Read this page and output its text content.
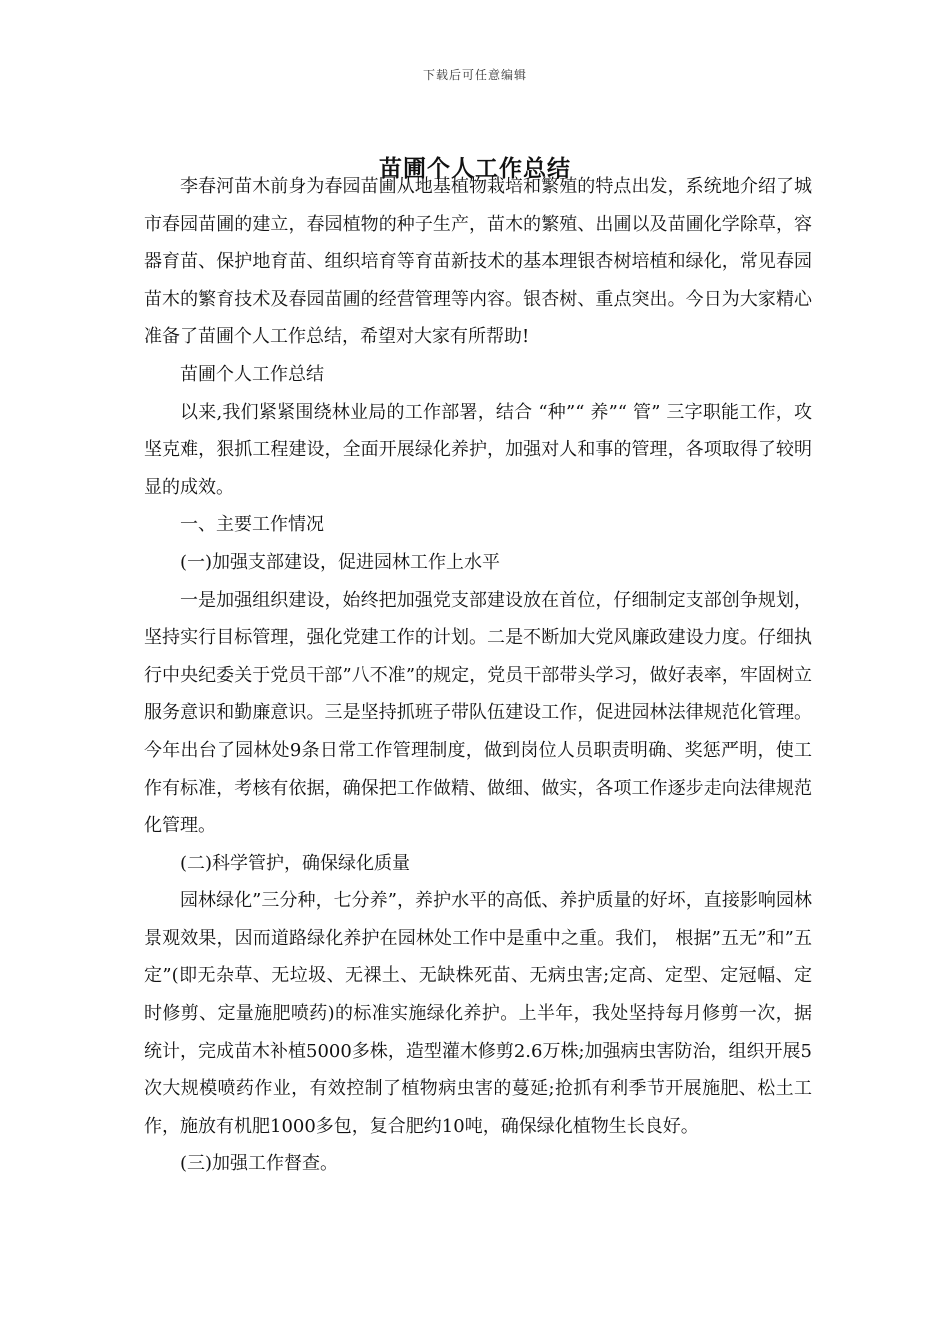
下载后可任意编辑
苗圃个人工作总结

李春河苗木前身为春园苗圃从地基植物栽培和繁殖的特点出发，系统地介绍了城市春园苗圃的建立，春园植物的种子生产，苗木的繁殖、出圃以及苗圃化学除草，容器育苗、保护地育苗、组织培育等育苗新技术的基本理银杏树培植和绿化，常见春园苗木的繁育技术及春园苗圃的经营管理等内容。银杏树、重点突出。今日为大家精心准备了苗圃个人工作总结，希望对大家有所帮助!

苗圃个人工作总结

以来,我们紧紧围绕林业局的工作部署，结合 “种”“ 养”“ 管” 三字职能工作，攻坚克难，狠抓工程建设，全面开展绿化养护，加强对人和事的管理，各项取得了较明显的成效。

一、主要工作情况

(一)加强支部建设，促进园林工作上水平

一是加强组织建设，始终把加强党支部建设放在首位，仔细制定支部创争规划，坚持实行目标管理，强化党建工作的计划。二是不断加大党风廉政建设力度。仔细执行中央纪委关于党员干部”八不准”的规定，党员干部带头学习，做好表率，牢固树立服务意识和勤廉意识。三是坚持抓班子带队伍建设工作，促进园林法律规范化管理。今年出台了园林处9条日常工作管理制度，做到岗位人员职责明确、奖惩严明，使工作有标准，考核有依据，确保把工作做精、做细、做实，各项工作逐步走向法律规范化管理。

(二)科学管护，确保绿化质量

园林绿化”三分种，七分养”，养护水平的高低、养护质量的好坏，直接影响园林景观效果，因而道路绿化养护在园林处工作中是重中之重。我们， 根据”五无”和”五定”(即无杂草、无垃圾、无裸土、无缺株死苗、无病虫害;定高、定型、定冠幅、定时修剪、定量施肥喷药)的标准实施绿化养护。上半年，我处坚持每月修剪一次，据统计，完成苗木补植5000多株，造型灌木修剪2.6万株;加强病虫害防治，组织开展5次大规模喷药作业，有效控制了植物病虫害的蔓延;抢抓有利季节开展施肥、松土工作，施放有机肥1000多包，复合肥约10吨，确保绿化植物生长良好。

(三)加强工作督查。
